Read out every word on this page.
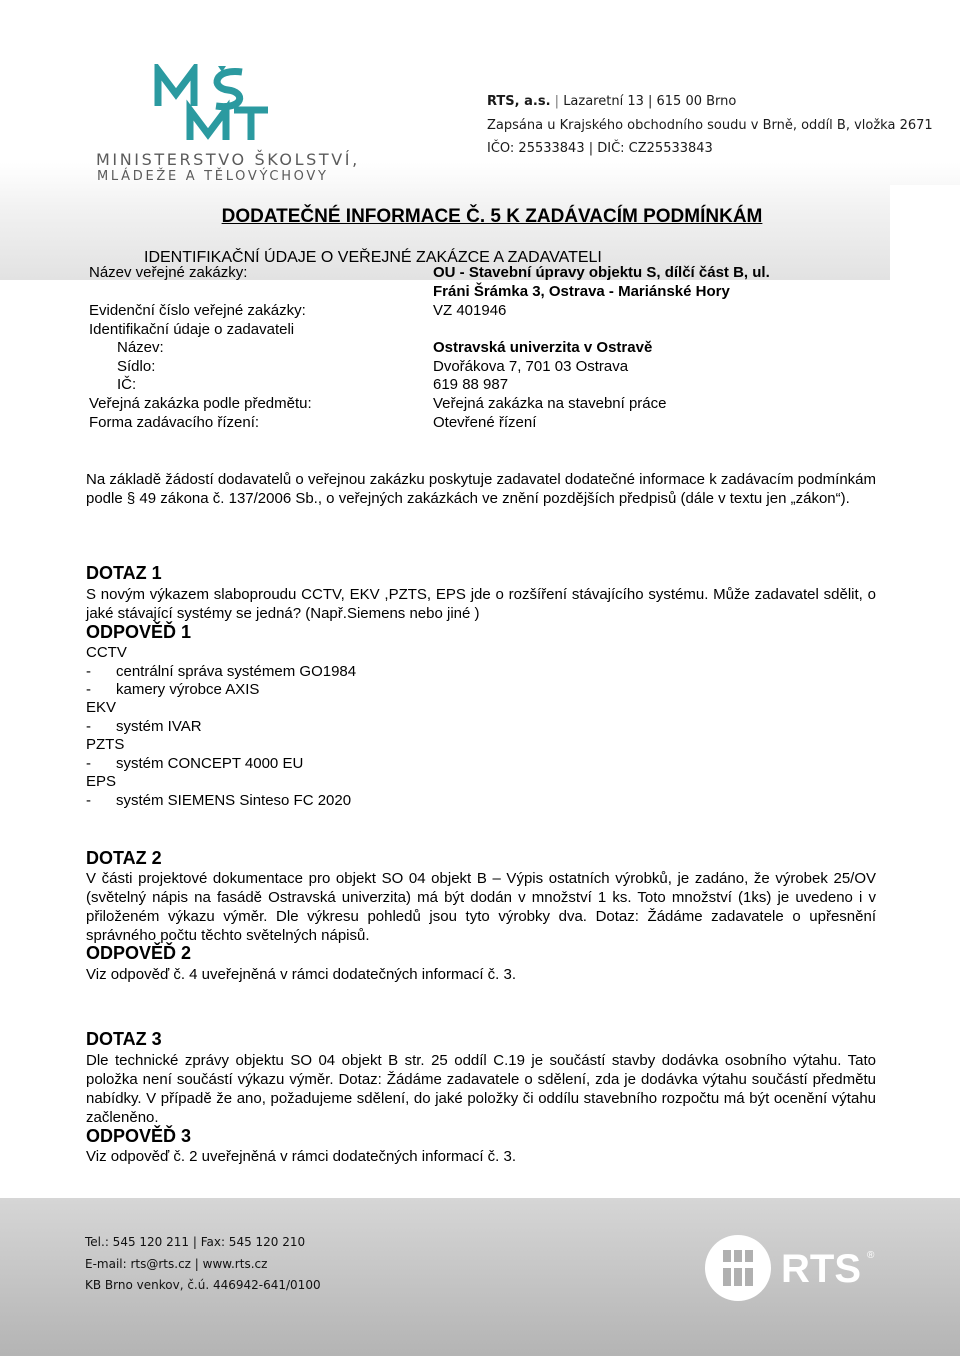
MINISTERSTVO ŠKOLSTVÍ,
MLÁDEŽE A TĚLOVÝCHOVY
RTS, a.s. | Lazaretní 13 | 615 00 Brno
Zapsána u Krajského obchodního soudu v Brně, oddíl B, vložka 2671
IČO: 25533843 | DIČ: CZ25533843
DODATEČNÉ INFORMACE Č. 5 K ZADÁVACÍM PODMÍNKÁM
IDENTIFIKAČNÍ ÚDAJE O VEŘEJNÉ ZAKÁZCE A ZADAVATELI
Název veřejné zakázky:	OU - Stavební úpravy objektu S, dílčí část B, ul.
Fráni Šrámka 3, Ostrava - Mariánské Hory
Evidenční číslo veřejné zakázky:	VZ 401946
Identifikační údaje o zadavateli
Název:	Ostravská univerzita v Ostravě
Sídlo:	Dvořákova 7, 701 03 Ostrava
IČ:	619 88 987
Veřejná zakázka podle předmětu:	Veřejná zakázka na stavební práce
Forma zadávacího řízení:	Otevřené řízení
Na základě žádostí dodavatelů o veřejnou zakázku poskytuje zadavatel dodatečné informace k zadávacím podmínkám podle § 49 zákona č. 137/2006 Sb., o veřejných zakázkách ve znění pozdějších předpisů (dále v textu jen „zákon“).
DOTAZ 1
S novým výkazem slaboproudu CCTV, EKV ,PZTS, EPS jde o rozšíření stávajícího systému. Může zadavatel sdělit, o jaké stávající systémy se jedná? (Např.Siemens nebo jiné )
ODPOVĚĎ 1
CCTV
- centrální správa systémem GO1984
- kamery výrobce AXIS
EKV
- systém IVAR
PZTS
- systém CONCEPT 4000 EU
EPS
- systém SIEMENS Sinteso FC 2020
DOTAZ 2
V části projektové dokumentace pro objekt SO 04 objekt B – Výpis ostatních výrobků, je zadáno, že výrobek 25/OV (světelný nápis na fasádě Ostravská univerzita) má být dodán v množství 1 ks. Toto množství (1ks) je uvedeno i v přiloženém výkazu výměr. Dle výkresu pohledů jsou tyto výrobky dva. Dotaz: Žádáme zadavatele o upřesnění správného počtu těchto světelných nápisů.
ODPOVĚĎ 2
Viz odpověď č. 4 uveřejněná v rámci dodatečných informací č. 3.
DOTAZ 3
Dle technické zprávy objektu SO 04 objekt B str. 25 oddíl C.19 je součástí stavby dodávka osobního výtahu. Tato položka není součástí výkazu výměr. Dotaz: Žádáme zadavatele o sdělení, zda je dodávka výtahu součástí předmětu nabídky. V případě že ano, požadujeme sdělení, do jaké položky či oddílu stavebního rozpočtu má být ocenění výtahu začleněno.
ODPOVĚĎ 3
Viz odpověď č. 2 uveřejněná v rámci dodatečných informací č. 3.
Tel.: 545 120 211 | Fax: 545 120 210
E-mail: rts@rts.cz | www.rts.cz
KB Brno venkov, č.ú. 446942-641/0100	RTS ®
